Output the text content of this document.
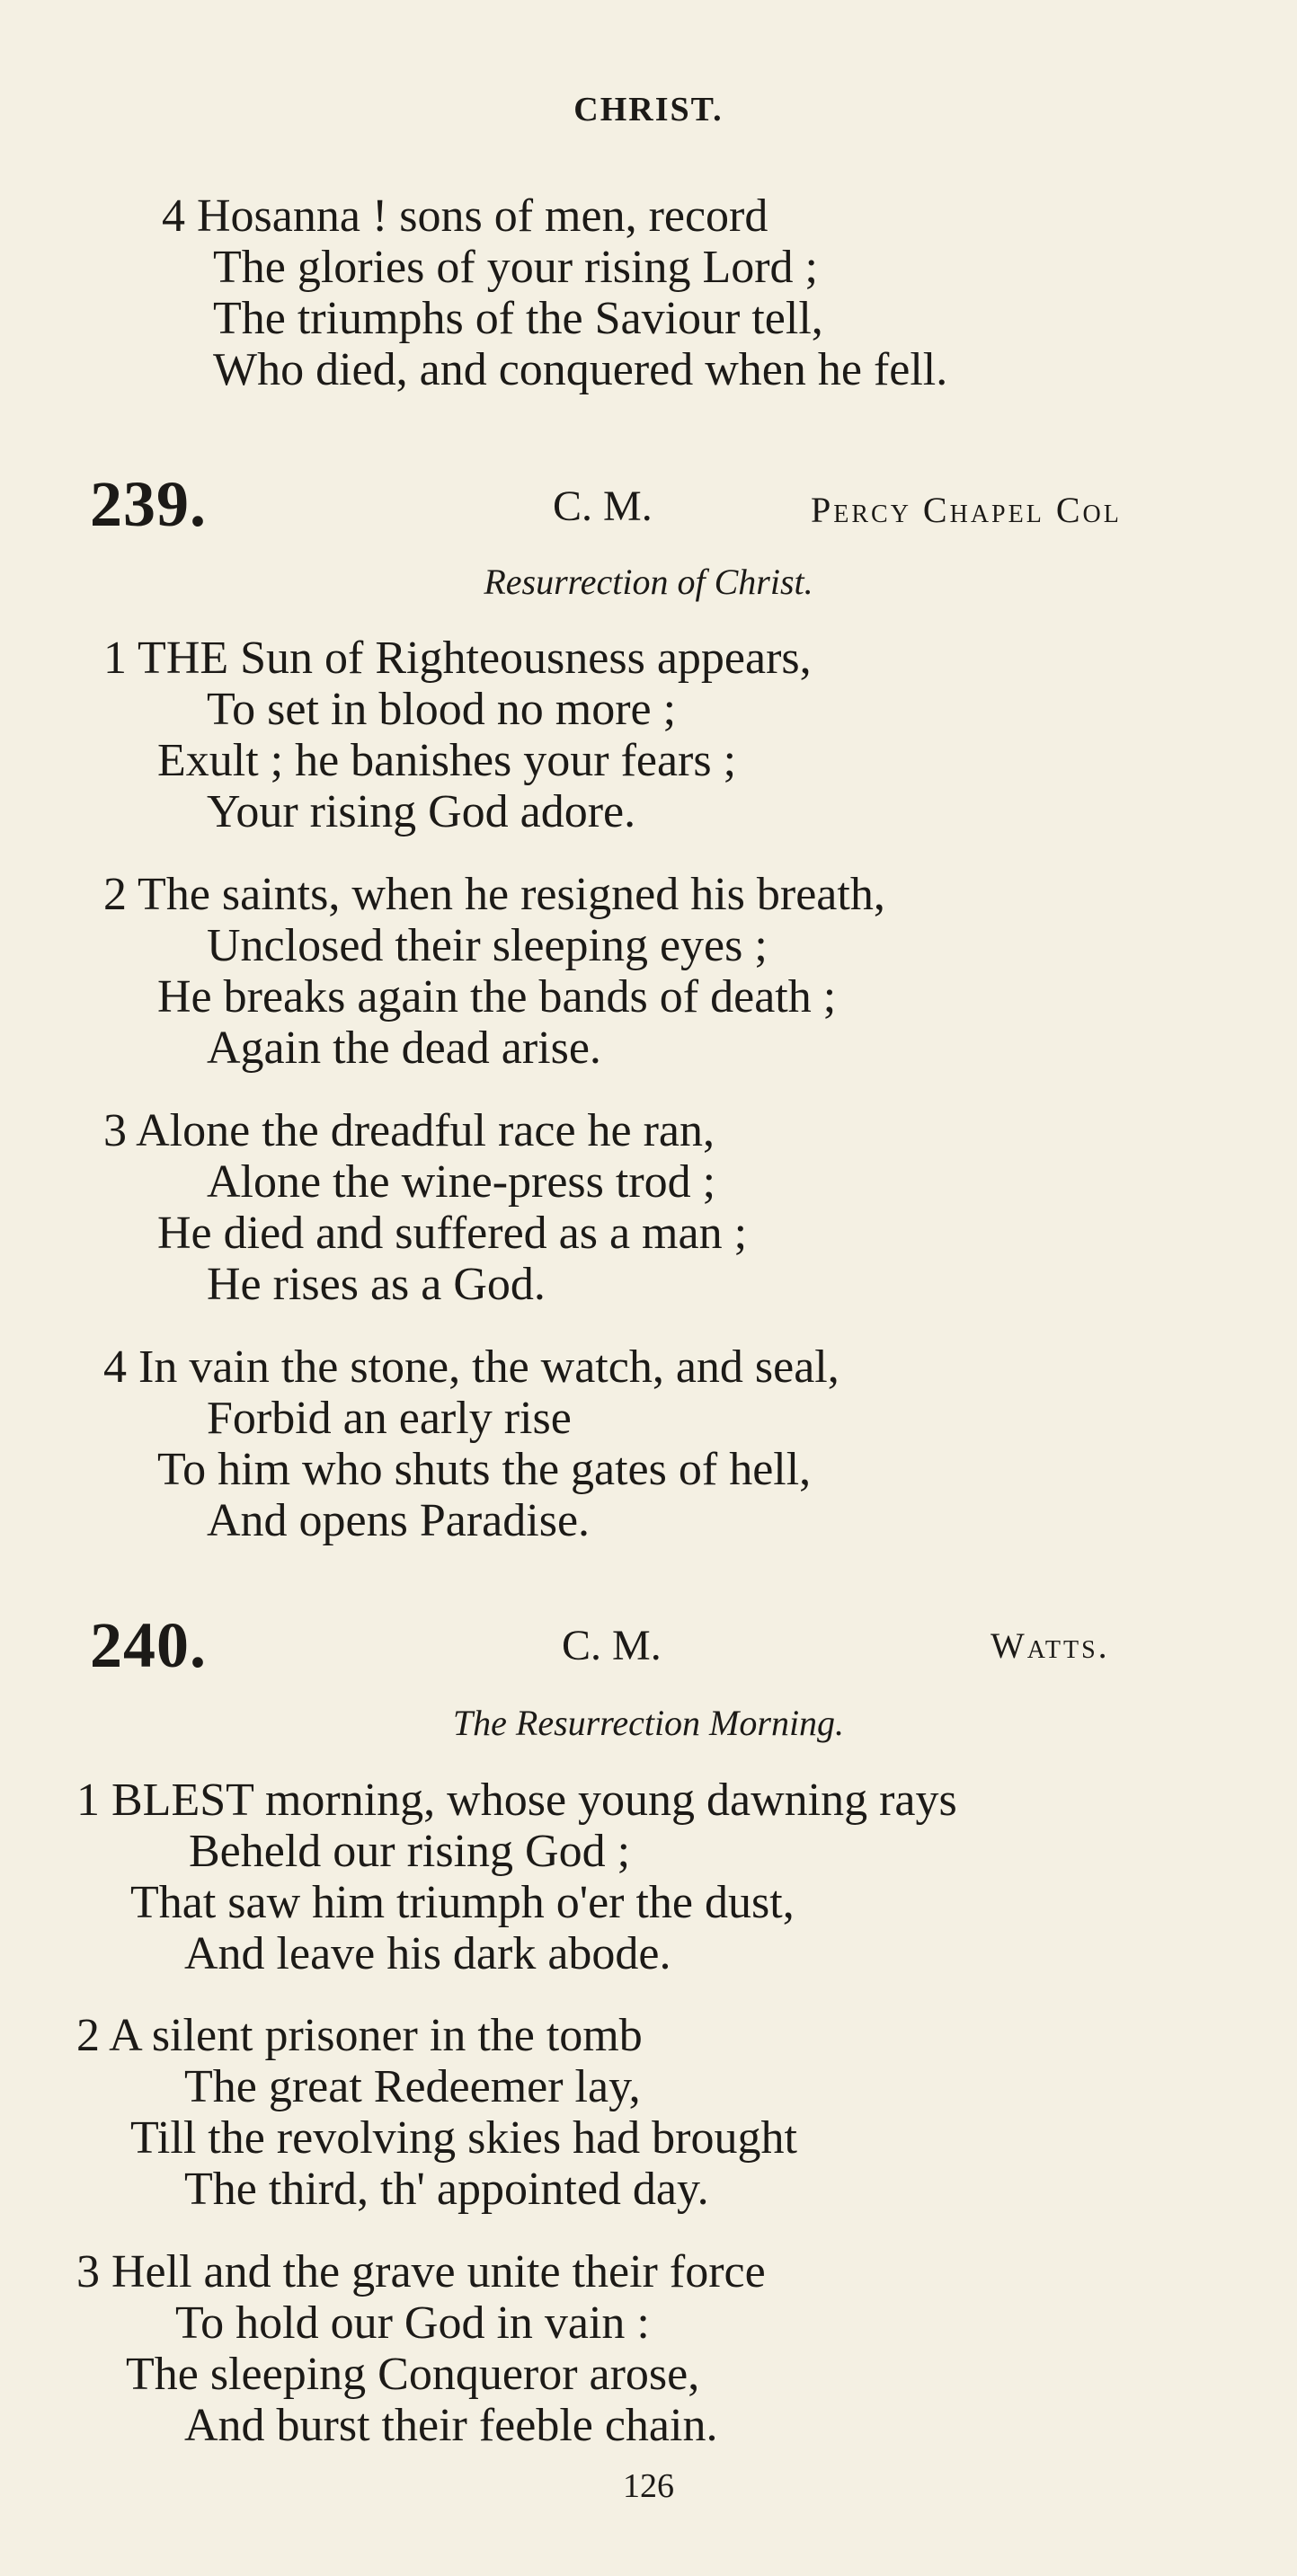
CHRIST.
4 Hosanna ! sons of men, record
The glories of your rising Lord ;
The triumphs of the Saviour tell,
Who died, and conquered when he fell.
239.	C. M.	Percy Chapel Col
Resurrection of Christ.
1 THE Sun of Righteousness appears,
To set in blood no more ;
Exult ; he banishes your fears ;
Your rising God adore.
2 The saints, when he resigned his breath,
Unclosed their sleeping eyes ;
He breaks again the bands of death ;
Again the dead arise.
3 Alone the dreadful race he ran,
Alone the wine-press trod ;
He died and suffered as a man ;
He rises as a God.
4 In vain the stone, the watch, and seal,
Forbid an early rise
To him who shuts the gates of hell,
And opens Paradise.
240.	C. M.	Watts.
The Resurrection Morning.
1 BLEST morning, whose young dawning rays
Beheld our rising God ;
That saw him triumph o'er the dust,
And leave his dark abode.
2 A silent prisoner in the tomb
The great Redeemer lay,
Till the revolving skies had brought
The third, th' appointed day.
3 Hell and the grave unite their force
To hold our God in vain :
The sleeping Conqueror arose,
And burst their feeble chain.
126
